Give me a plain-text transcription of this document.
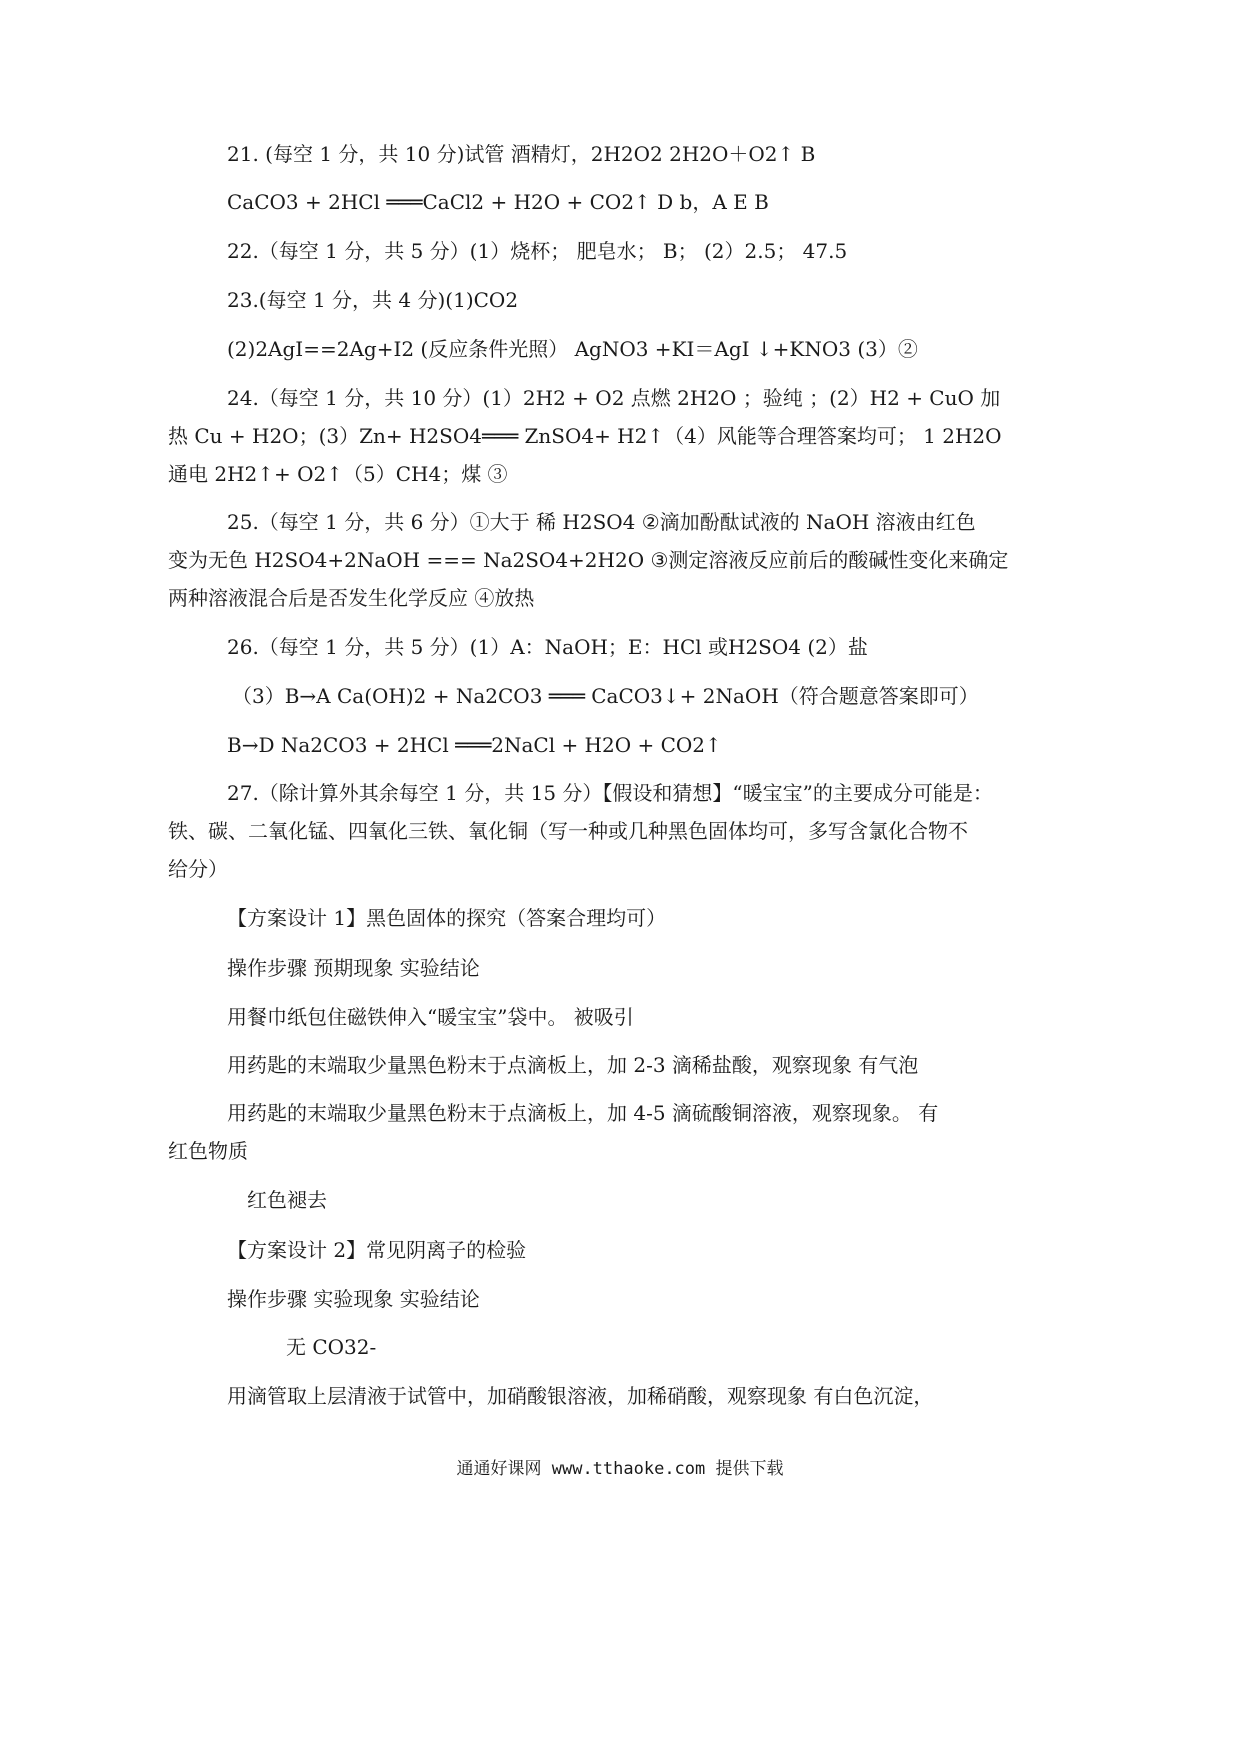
21. (每空 1 分，共 10 分)试管 酒精灯，2H2O2 2H2O＋O2↑ B
CaCO3 + 2HCl ═══CaCl2 + H2O + CO2↑ D b，A E B
22.（每空 1 分，共 5 分）(1）烧杯； 肥皂水； B； (2）2.5； 47.5
23.(每空 1 分，共 4 分)(1)CO2
(2)2AgI==2Ag+I2 (反应条件光照） AgNO3 +KI＝AgI ↓+KNO3 (3）②
24.（每空 1 分，共 10 分）(1）2H2 + O2 点燃 2H2O ；验纯 ；(2）H2 + CuO 加
热 Cu + H2O；(3）Zn+ H2SO4═══ ZnSO4+ H2↑（4）风能等合理答案均可； 1 2H2O
通电 2H2↑+ O2↑（5）CH4；煤 ③
25.（每空 1 分，共 6 分）①大于 稀 H2SO4 ②滴加酚酞试液的 NaOH 溶液由红色
变为无色 H2SO4+2NaOH === Na2SO4+2H2O ③测定溶液反应前后的酸碱性变化来确定
两种溶液混合后是否发生化学反应 ④放热
26.（每空 1 分，共 5 分）(1）A：NaOH；E：HCl 或H2SO4 (2）盐
（3）B→A Ca(OH)2 + Na2CO3 ═══ CaCO3↓+ 2NaOH（符合题意答案即可）
B→D Na2CO3 + 2HCl ═══2NaCl + H2O + CO2↑
27.（除计算外其余每空 1 分，共 15 分）【假设和猜想】“暖宝宝”的主要成分可能是：
铁、碳、二氧化锰、四氧化三铁、氧化铜（写一种或几种黑色固体均可，多写含氯化合物不
给分）
【方案设计 1】黑色固体的探究（答案合理均可）
操作步骤 预期现象 实验结论
用餐巾纸包住磁铁伸入“暖宝宝”袋中。 被吸引
用药匙的末端取少量黑色粉末于点滴板上，加 2-3 滴稀盐酸，观察现象 有气泡
用药匙的末端取少量黑色粉末于点滴板上，加 4-5 滴硫酸铜溶液，观察现象。 有
红色物质
红色褪去
【方案设计 2】常见阴离子的检验
操作步骤 实验现象 实验结论
无 CO32-
用滴管取上层清液于试管中，加硝酸银溶液，加稀硝酸，观察现象 有白色沉淀，
通通好课网 www.tthaoke.com 提供下载
